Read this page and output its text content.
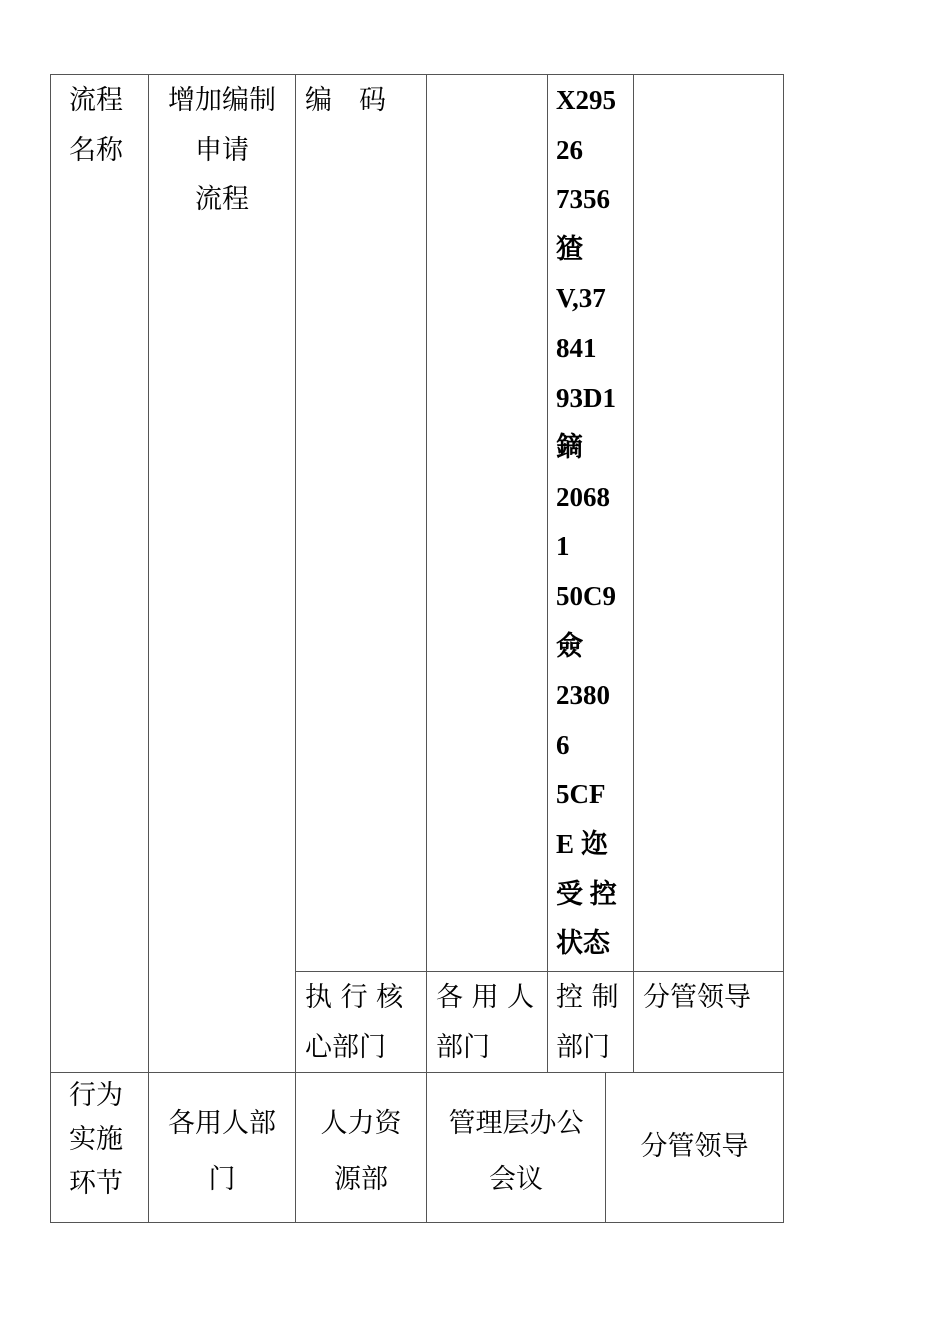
流程名称
增加编制
申请
流程
编　码	X295
26
7356
猹
V,37
841
93D1
鏑
2068
1
50C9
僉
2380
6
5CF
E 迩
受 控
状态
执 行 核 心部门
各 用 人 部门
控 制 部门
分管领导
行为
实施
环节
各用人部
门
人力资
源部
管理层办公
会议
分管领导
